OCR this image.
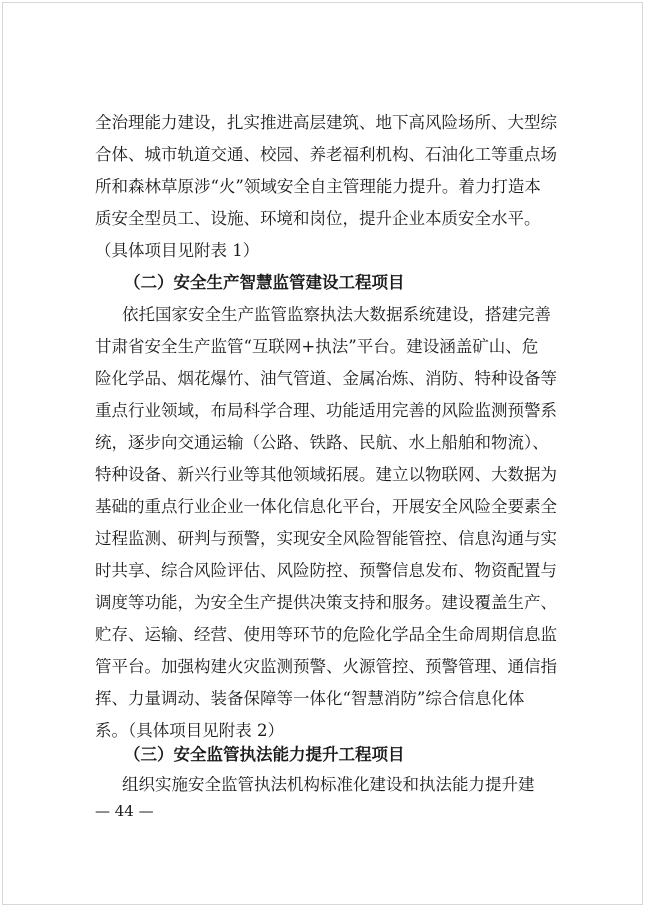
全治理能力建设，扎实推进高层建筑、地下高风险场所、大型综
合体、城市轨道交通、校园、养老福利机构、石油化工等重点场
所和森林草原涉“火”领域安全自主管理能力提升。着力打造本
质安全型员工、设施、环境和岗位，提升企业本质安全水平。
（具体项目见附表 1）
（二）安全生产智慧监管建设工程项目
依托国家安全生产监管监察执法大数据系统建设，搭建完善
甘肃省安全生产监管“互联网+执法”平台。建设涵盖矿山、危
险化学品、烟花爆竹、油气管道、金属冶炼、消防、特种设备等
重点行业领域，布局科学合理、功能适用完善的风险监测预警系
统，逐步向交通运输（公路、铁路、民航、水上船舶和物流）、
特种设备、新兴行业等其他领域拓展。建立以物联网、大数据为
基础的重点行业企业一体化信息化平台，开展安全风险全要素全
过程监测、研判与预警，实现安全风险智能管控、信息沟通与实
时共享、综合风险评估、风险防控、预警信息发布、物资配置与
调度等功能，为安全生产提供决策支持和服务。建设覆盖生产、
贮存、运输、经营、使用等环节的危险化学品全生命周期信息监
管平台。加强构建火灾监测预警、火源管控、预警管理、通信指
挥、力量调动、装备保障等一体化“智慧消防”综合信息化体
系。（具体项目见附表 2）
（三）安全监管执法能力提升工程项目
组织实施安全监管执法机构标准化建设和执法能力提升建
— 44 —
